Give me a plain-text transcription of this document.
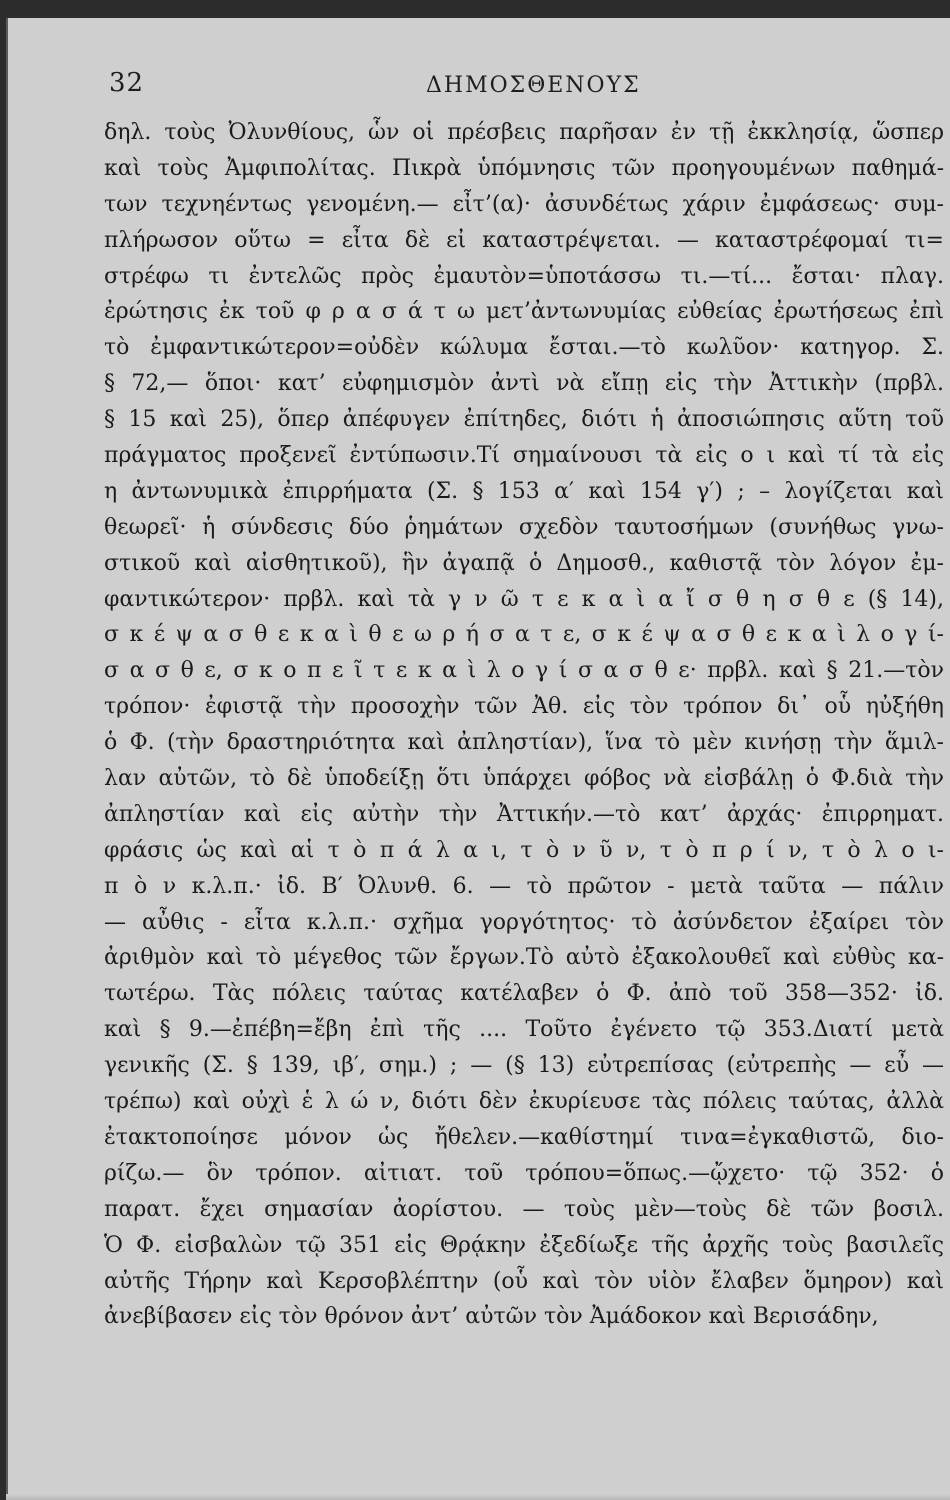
32	ΔΗΜΟΣΘΕΝΟΥΣ
δηλ. τοὺς Ὀλυνθίους, ὧν οἱ πρέσβεις παρῆσαν ἐν τῇ ἐκκλησίᾳ, ὥσπερ
καὶ τοὺς Ἀμφιπολίτας. Πικρὰ ὑπόμνησις τῶν προηγουμένων παθημά-
των τεχνηέντως γενομένη.— εἶτ’(α)· ἀσυνδέτως χάριν ἐμφάσεως· συμ-
πλήρωσον οὕτω = εἶτα δὲ εἰ καταστρέψεται. — καταστρέφομαί τι=
στρέφω τι ἐντελῶς πρὸς ἐμαυτὸν=ὑποτάσσω τι.—τί... ἔσται· πλαγ.
ἐρώτησις ἐκ τοῦ φ ρ α σ ά τ ω μετ’ἀντωνυμίας εὐθείας ἐρωτήσεως ἐπὶ
τὸ ἐμφαντικώτερον=οὐδὲν κώλυμα ἔσται.—τὸ κωλῦον· κατηγορ. Σ.
§ 72,— ὅποι· κατ’ εὐφημισμὸν ἀντὶ νὰ εἴπῃ εἰς τὴν Ἀττικὴν (πρβλ.
§ 15 καὶ 25), ὅπερ ἀπέφυγεν ἐπίτηδες, διότι ἡ ἀποσιώπησις αὕτη τοῦ
πράγματος προξενεῖ ἐντύπωσιν.Τί σημαίνουσι τὰ εἰς ο ι καὶ τί τὰ εἰς
η ἀντωνυμικὰ ἐπιρρήματα (Σ. § 153 α′ καὶ 154 γ′) ; – λογίζεται καὶ
θεωρεῖ· ἡ σύνδεσις δύο ῥημάτων σχεδὸν ταυτοσήμων (συνήθως γνω-
στικοῦ καὶ αἰσθητικοῦ), ἣν ἀγαπᾷ ὁ Δημοσθ., καθιστᾷ τὸν λόγον ἐμ-
φαντικώτερον· πρβλ. καὶ τὰ γ ν ῶ τ ε κ α ὶ α ἴ σ θ η σ θ ε (§ 14),
σ κ έ ψ α σ θ ε κ α ὶ θ ε ω ρ ή σ α τ ε, σ κ έ ψ α σ θ ε κ α ὶ λ ο γ ί-
σ α σ θ ε, σ κ ο π ε ῖ τ ε κ α ὶ λ ο γ ί σ α σ θ ε· πρβλ. καὶ § 21.—τὸν
τρόπον· ἐφιστᾷ τὴν προσοχὴν τῶν Ἀθ. εἰς τὸν τρόπον δι᾽ οὗ ηὐξήθη
ὁ Φ. (τὴν δραστηριότητα καὶ ἀπληστίαν), ἵνα τὸ μὲν κινήσῃ τὴν ἅμιλ-
λαν αὐτῶν, τὸ δὲ ὑποδείξῃ ὅτι ὑπάρχει φόβος νὰ εἰσβάλῃ ὁ Φ.διὰ τὴν
ἀπληστίαν καὶ εἰς αὐτὴν τὴν Ἀττικήν.—τὸ κατ’ ἀρχάς· ἐπιρρηματ.
φράσις ὡς καὶ αἱ τ ὸ π ά λ α ι, τ ὸ ν ῦ ν, τ ὸ π ρ ί ν, τ ὸ λ ο ι-
π ὸ ν κ.λ.π.· ἰδ. Β′ Ὀλυνθ. 6. — τὸ πρῶτον - μετὰ ταῦτα — πάλιν
— αὖθις - εἶτα κ.λ.π.· σχῆμα γοργότητος· τὸ ἀσύνδετον ἐξαίρει τὸν
ἀριθμὸν καὶ τὸ μέγεθος τῶν ἔργων.Τὸ αὐτὸ ἐξακολουθεῖ καὶ εὐθὺς κα-
τωτέρω. Τὰς πόλεις ταύτας κατέλαβεν ὁ Φ. ἀπὸ τοῦ 358—352· ἰδ.
καὶ § 9.—ἐπέβη=ἔβη ἐπὶ τῆς .... Τοῦτο ἐγένετο τῷ 353.Διατί μετὰ
γενικῆς (Σ. § 139, ιβ′, σημ.) ; — (§ 13) εὐτρεπίσας (εὐτρεπὴς — εὖ —
τρέπω) καὶ οὐχὶ ἑ λ ώ ν, διότι δὲν ἐκυρίευσε τὰς πόλεις ταύτας, ἀλλὰ
ἐτακτοποίησε μόνον ὡς ἤθελεν.—καθίστημί τινα=ἐγκαθιστῶ, διο-
ρίζω.— ὃν τρόπον. αἰτιατ. τοῦ τρόπου=ὅπως.—ᾤχετο· τῷ 352· ὁ
παρατ. ἔχει σημασίαν ἀορίστου. — τοὺς μὲν—τοὺς δὲ τῶν βοσιλ.
Ὁ Φ. εἰσβαλὼν τῷ 351 εἰς Θρᾴκην ἐξεδίωξε τῆς ἀρχῆς τοὺς βασιλεῖς
αὐτῆς Τήρην καὶ Κερσοβλέπτην (οὗ καὶ τὸν υἱὸν ἔλαβεν ὅμηρον) καὶ
ἀνεβίβασεν εἰς τὸν θρόνον ἀντ’ αὐτῶν τὸν Ἀμάδοκον καὶ Βερισάδην,
